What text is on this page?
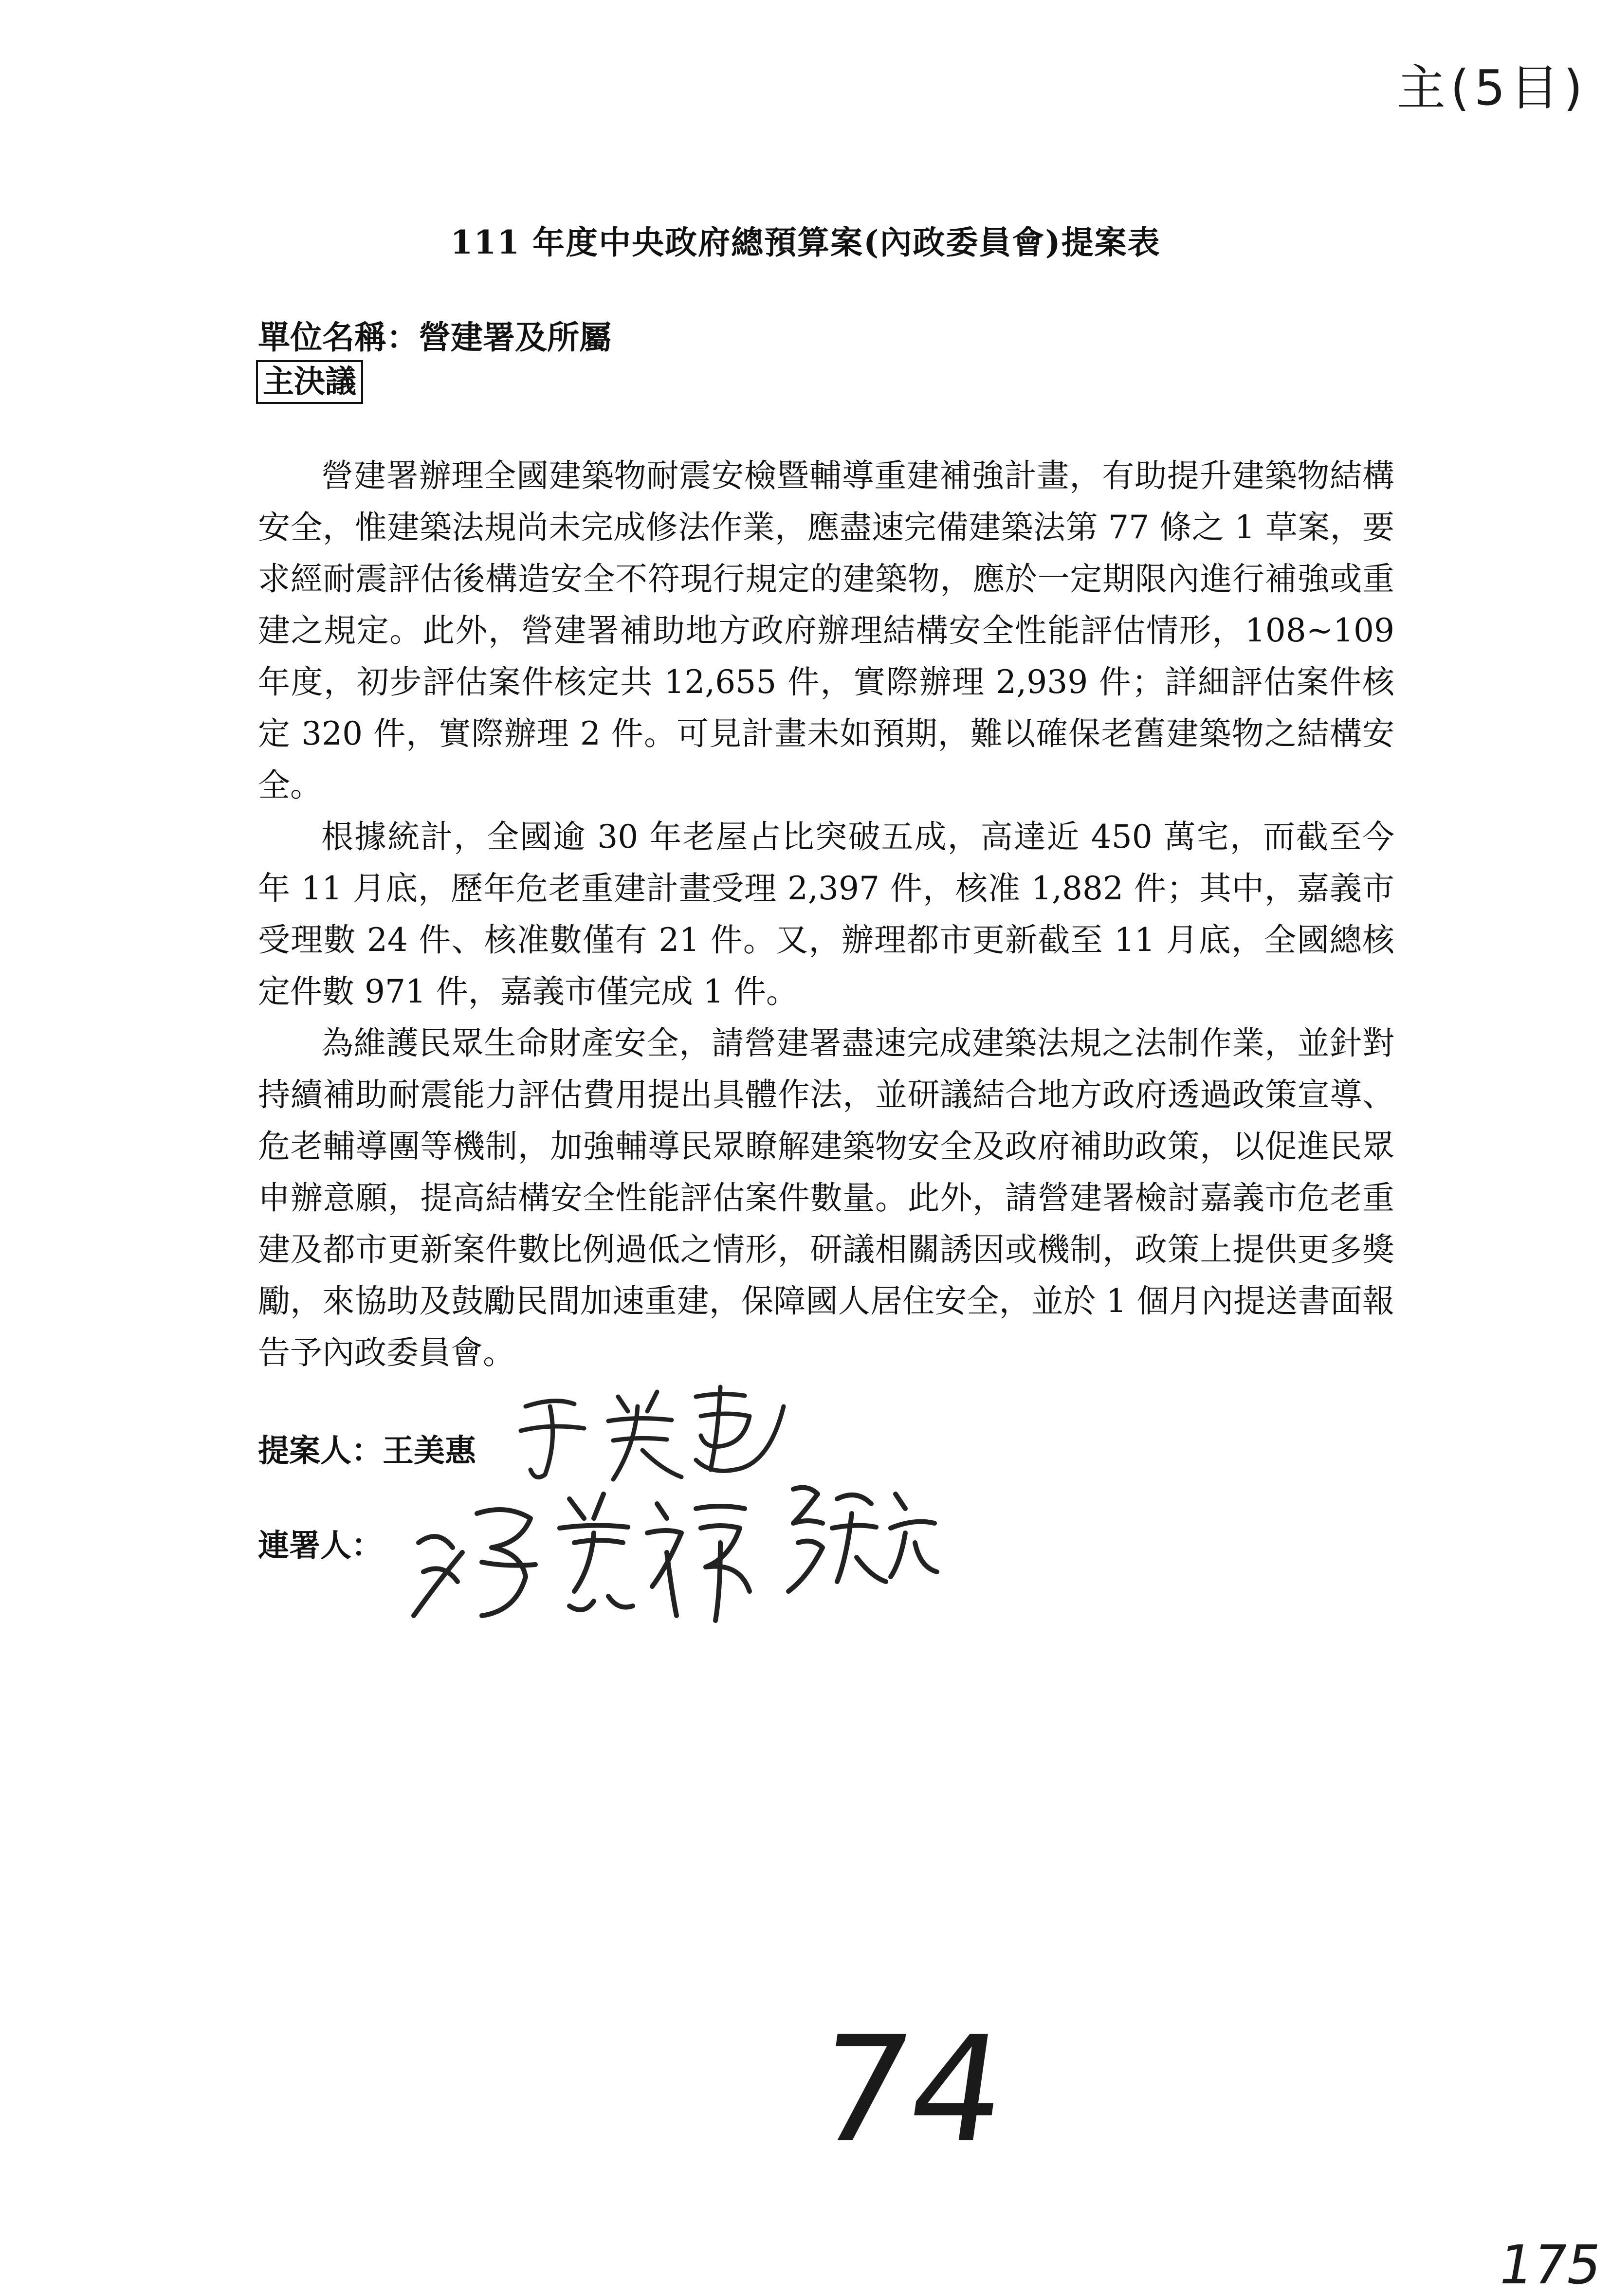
主(5目)
111 年度中央政府總預算案(內政委員會)提案表

單位名稱：營建署及所屬

主決議

營建署辦理全國建築物耐震安檢暨輔導重建補強計畫，有助提升建築物結構安全，惟建築法規尚未完成修法作業，應盡速完備建築法第 77 條之 1 草案，要求經耐震評估後構造安全不符現行規定的建築物，應於一定期限內進行補強或重建之規定。此外，營建署補助地方政府辦理結構安全性能評估情形，108~109 年度，初步評估案件核定共 12,655 件，實際辦理 2,939 件；詳細評估案件核定 320 件，實際辦理 2 件。可見計畫未如預期，難以確保老舊建築物之結構安全。

根據統計，全國逾 30 年老屋占比突破五成，高達近 450 萬宅，而截至今年 11 月底，歷年危老重建計畫受理 2,397 件，核准 1,882 件；其中，嘉義市受理數 24 件、核准數僅有 21 件。又，辦理都市更新截至 11 月底，全國總核定件數 971 件，嘉義市僅完成 1 件。

為維護民眾生命財產安全，請營建署盡速完成建築法規之法制作業，並針對持續補助耐震能力評估費用提出具體作法，並研議結合地方政府透過政策宣導、危老輔導團等機制，加強輔導民眾瞭解建築物安全及政府補助政策，以促進民眾申辦意願，提高結構安全性能評估案件數量。此外，請營建署檢討嘉義市危老重建及都市更新案件數比例過低之情形，研議相關誘因或機制，政策上提供更多獎勵，來協助及鼓勵民間加速重建，保障國人居住安全，並於 1 個月內提送書面報告予內政委員會。

提案人：王美惠

連署人：

74
175
